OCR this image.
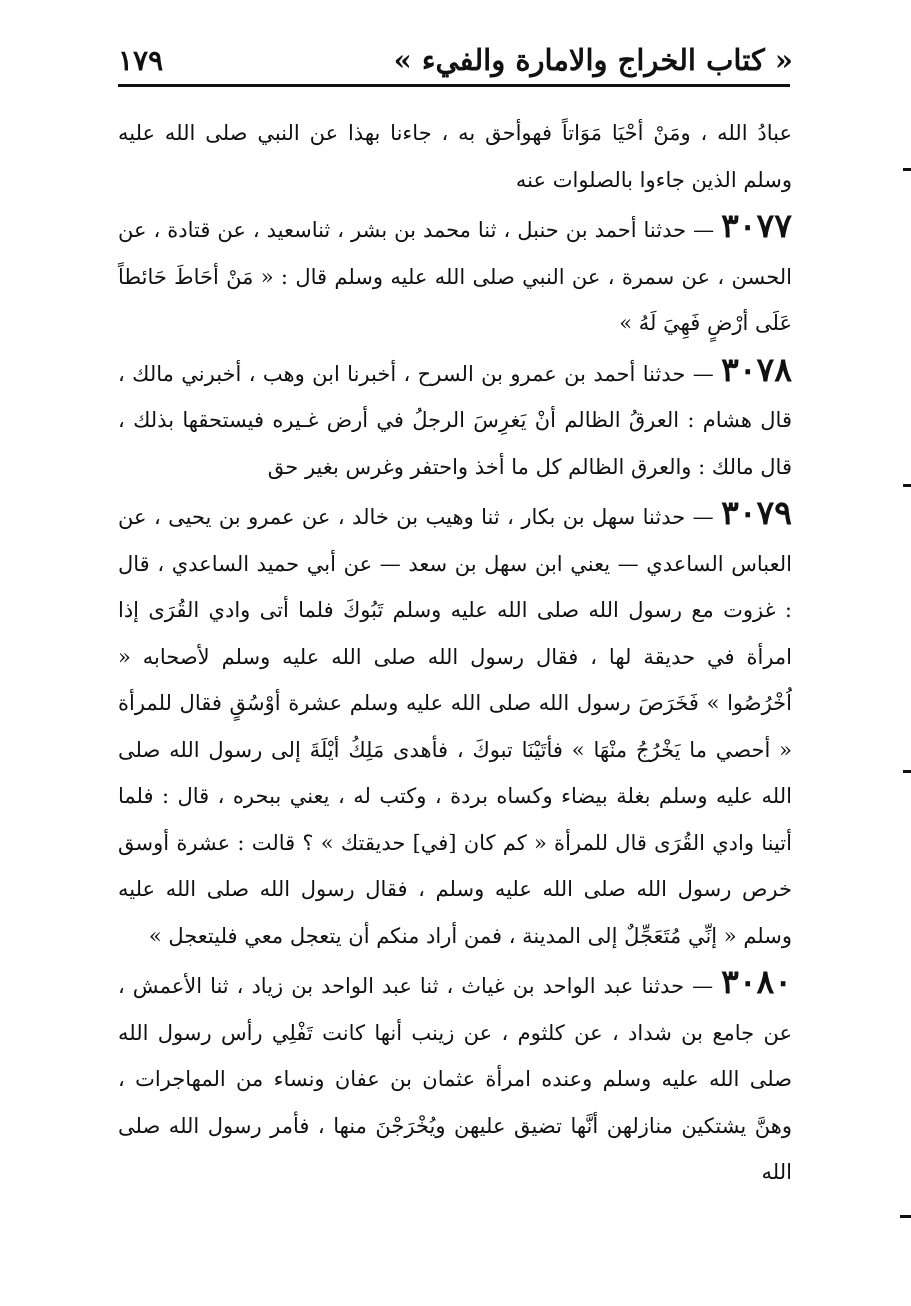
« كتاب الخراج والامارة والفيء »
١٧٩

عبادُ الله ، ومَنْ أحْيَا مَوَاتاً فهوأحق به ، جاءنا بهذا عن النبي صلى الله عليه وسلم الذين جاءوا بالصلوات عنه

٣٠٧٧ — حدثنا أحمد بن حنبل ، ثنا محمد بن بشر ، ثناسعيد ، عن قتادة ، عن الحسن ، عن سمرة ، عن النبي صلى الله عليه وسلم قال : « مَنْ أحَاطَ حَائطاً عَلَى أرْضٍ فَهِيَ لَهُ »

٣٠٧٨ — حدثنا أحمد بن عمرو بن السرح ، أخبرنا ابن وهب ، أخبرني مالك ، قال هشام : العرقُ الظالم أنْ يَغرِسَ الرجلُ في أرض غـيره فيستحقها بذلك ، قال مالك : والعرق الظالم كل ما أخذ واحتفر وغرس بغير حق

٣٠٧٩ — حدثنا سهل بن بكار ، ثنا وهيب بن خالد ، عن عمرو بن يحيى ، عن العباس الساعدي — يعني ابن سهل بن سعد — عن أبي حميد الساعدي ، قال : غزوت مع رسول الله صلى الله عليه وسلم تَبُوكَ فلما أتى وادي القُرَى إذا امرأة في حديقة لها ، فقال رسول الله صلى الله عليه وسلم لأصحابه « اُخْرُصُوا » فَخَرَصَ رسول الله صلى الله عليه وسلم عشرة أوْسُقٍ فقال للمرأة « أحصي ما يَخْرُجُ منْهَا » فأتَيْنَا تبوكَ ، فأهدى مَلِكُ أيْلَةَ إلى رسول الله صلى الله عليه وسلم بغلة بيضاء وكساه بردة ، وكتب له ، يعني ببحره ، قال : فلما أتينا وادي القُرَى قال للمرأة « كم كان [في] حديقتك » ؟ قالت : عشرة أوسق خرص رسول الله صلى الله عليه وسلم ، فقال رسول الله صلى الله عليه وسلم « إنِّي مُتَعَجِّلٌ إلى المدينة ، فمن أراد منكم أن يتعجل معي فليتعجل »

٣٠٨٠ — حدثنا عبد الواحد بن غياث ، ثنا عبد الواحد بن زياد ، ثنا الأعمش ، عن جامع بن شداد ، عن كلثوم ، عن زينب أنها كانت تَفْلِي رأس رسول الله صلى الله عليه وسلم وعنده امرأة عثمان بن عفان ونساء من المهاجرات ، وهنَّ يشتكين منازلهن أنَّها تضيق عليهن ويُخْرَجْنَ منها ، فأمر رسول الله صلى الله
